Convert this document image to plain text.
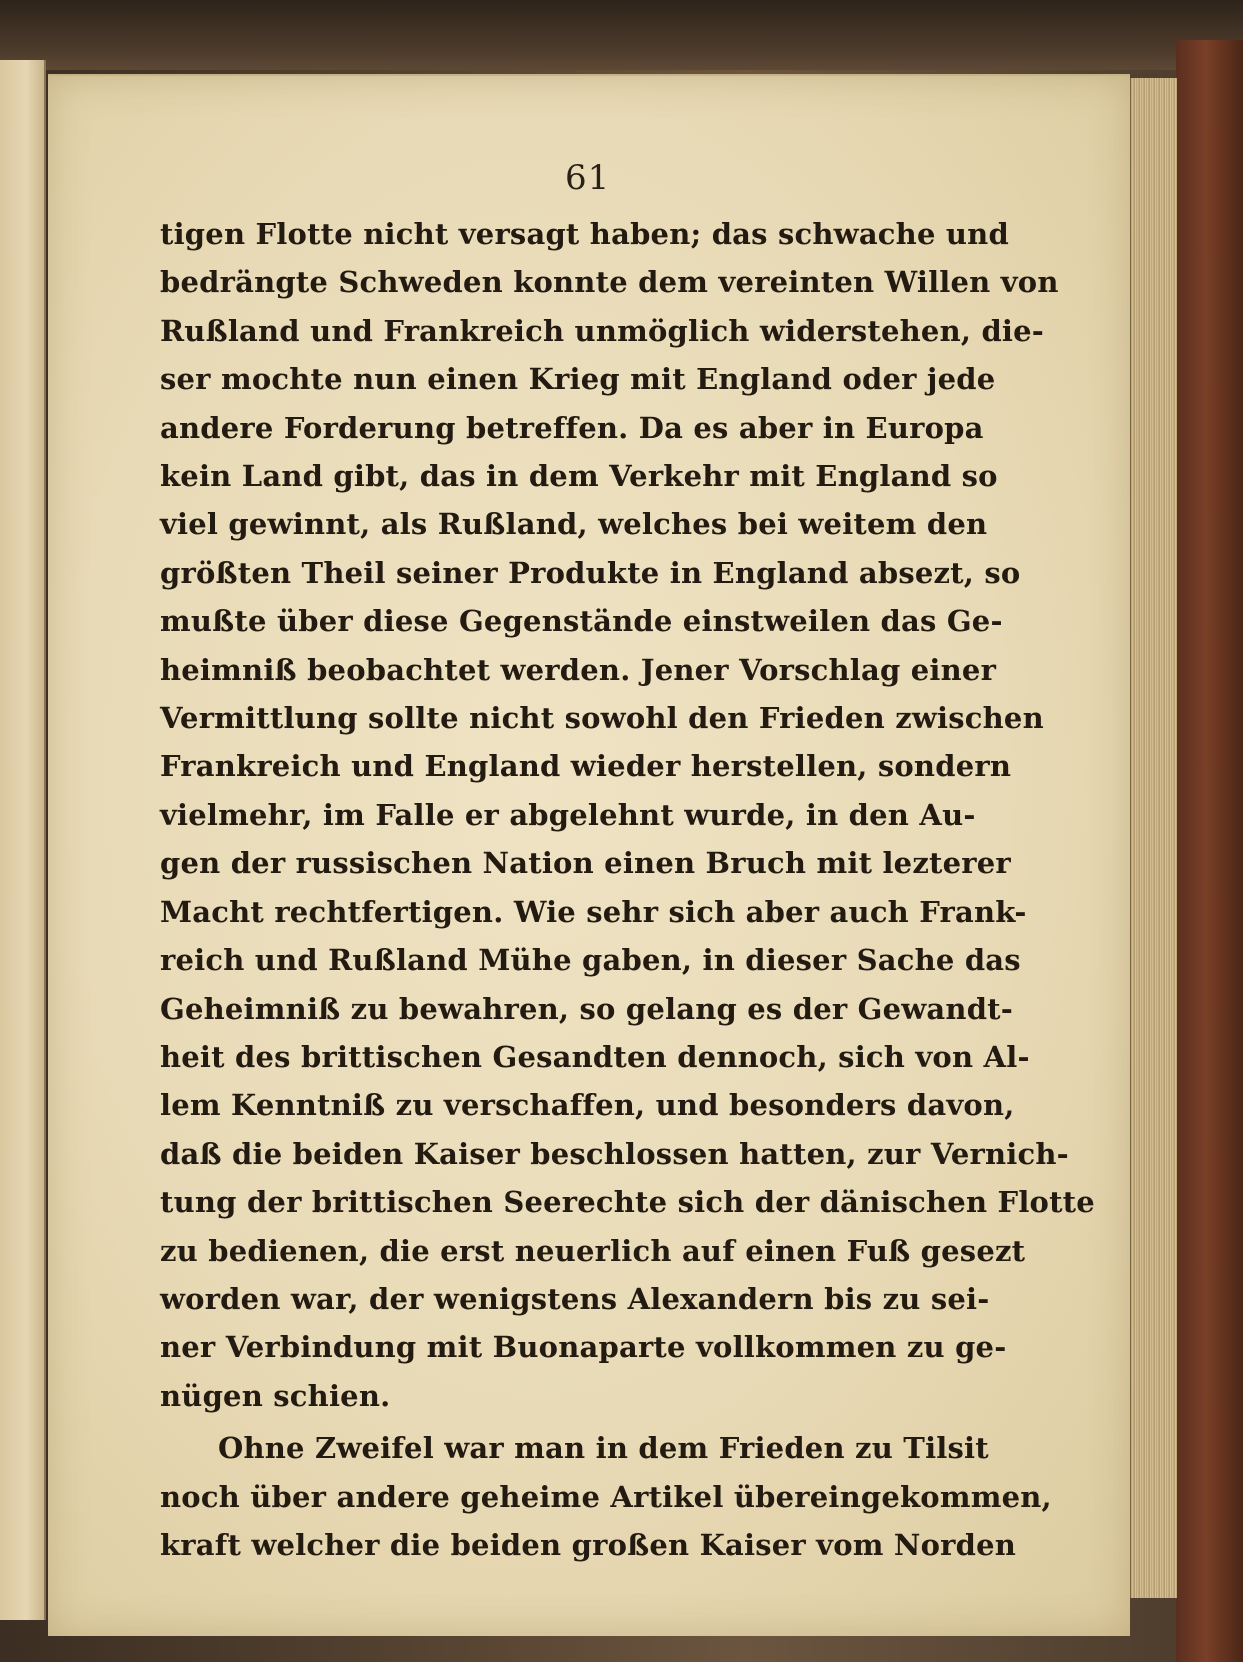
61
tigen Flotte nicht versagt haben; das schwache und
bedrängte Schweden konnte dem vereinten Willen von
Rußland und Frankreich unmöglich widerstehen, die-
ser mochte nun einen Krieg mit England oder jede
andere Forderung betreffen. Da es aber in Europa
kein Land gibt, das in dem Verkehr mit England so
viel gewinnt, als Rußland, welches bei weitem den
größten Theil seiner Produkte in England absezt, so
mußte über diese Gegenstände einstweilen das Ge-
heimniß beobachtet werden. Jener Vorschlag einer
Vermittlung sollte nicht sowohl den Frieden zwischen
Frankreich und England wieder herstellen, sondern
vielmehr, im Falle er abgelehnt wurde, in den Au-
gen der russischen Nation einen Bruch mit lezterer
Macht rechtfertigen. Wie sehr sich aber auch Frank-
reich und Rußland Mühe gaben, in dieser Sache das
Geheimniß zu bewahren, so gelang es der Gewandt-
heit des brittischen Gesandten dennoch, sich von Al-
lem Kenntniß zu verschaffen, und besonders davon,
daß die beiden Kaiser beschlossen hatten, zur Vernich-
tung der brittischen Seerechte sich der dänischen Flotte
zu bedienen, die erst neuerlich auf einen Fuß gesezt
worden war, der wenigstens Alexandern bis zu sei-
ner Verbindung mit Buonaparte vollkommen zu ge-
nügen schien.
Ohne Zweifel war man in dem Frieden zu Tilsit
noch über andere geheime Artikel übereingekommen,
kraft welcher die beiden großen Kaiser vom Norden
